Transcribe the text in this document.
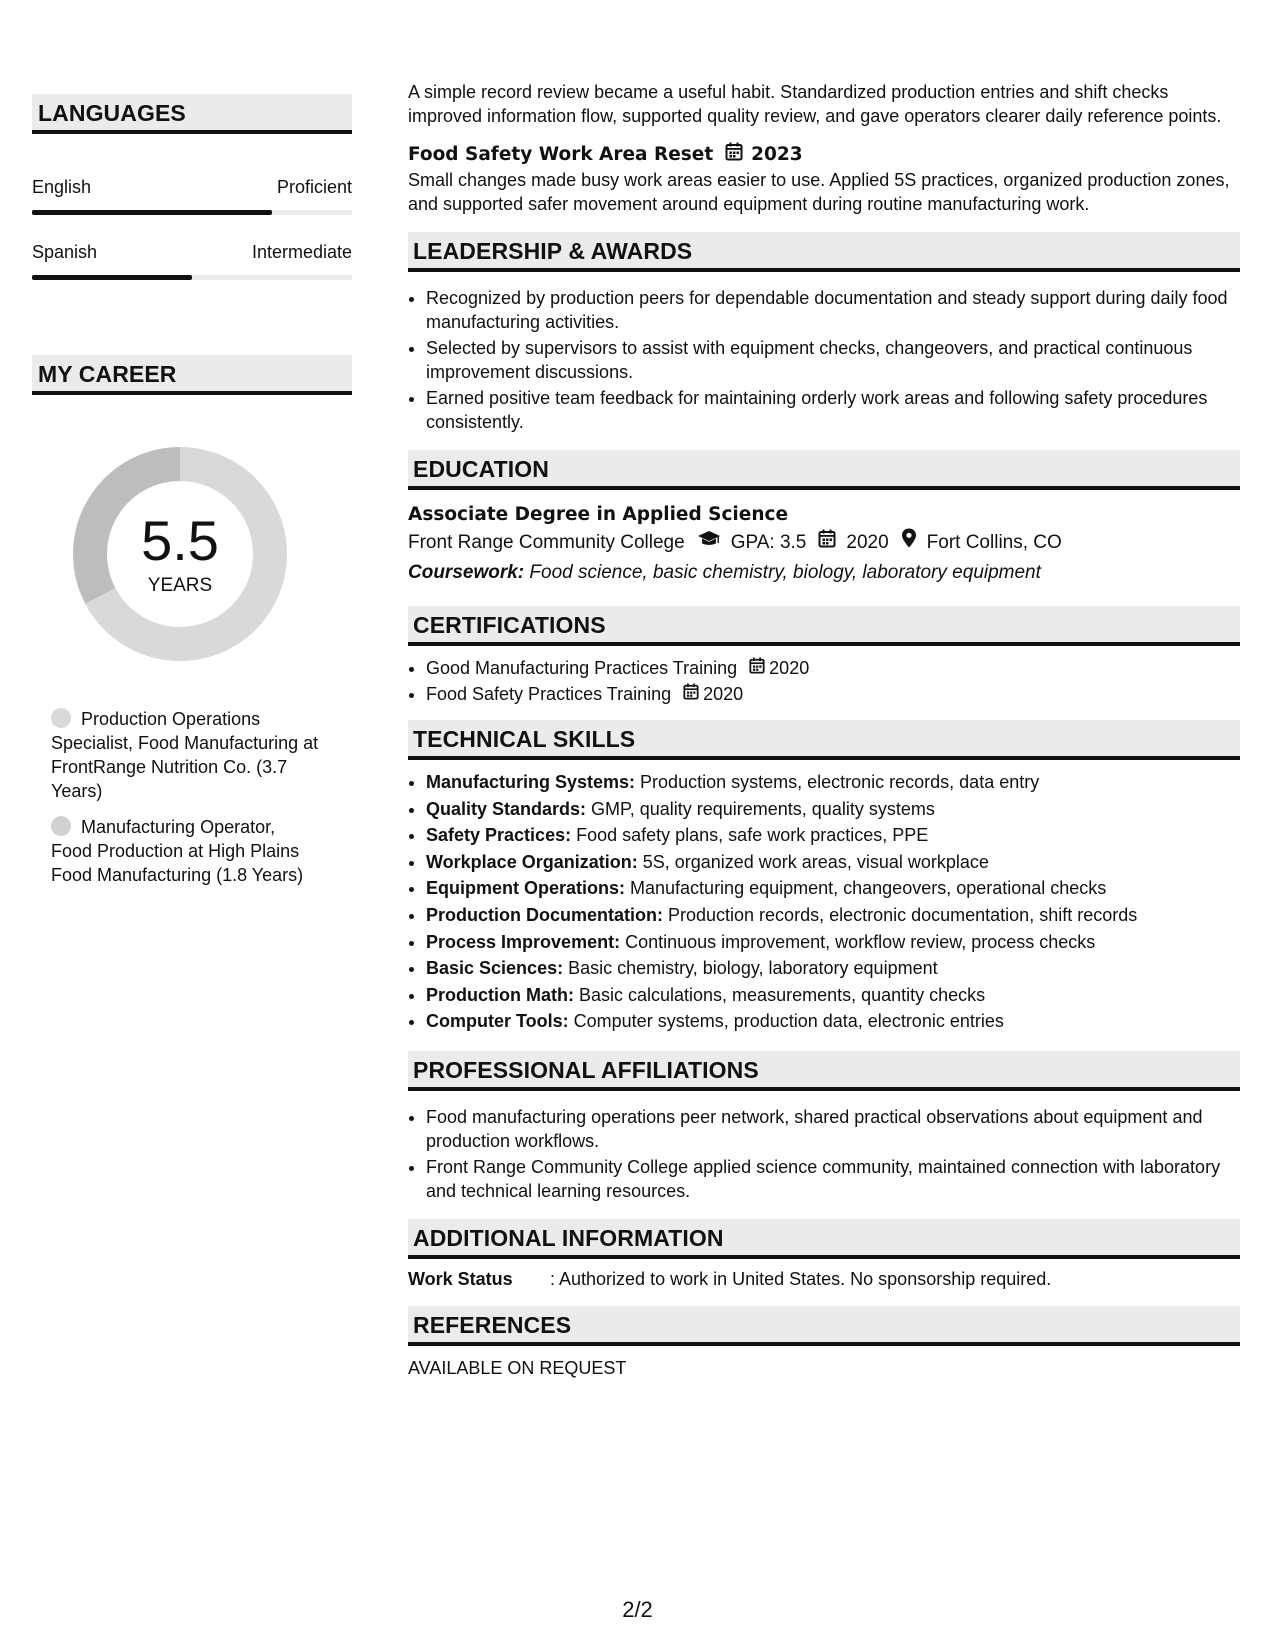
LANGUAGES
English	Proficient
Spanish	Intermediate
MY CAREER
5.5
YEARS
Production Operations Specialist, Food Manufacturing at FrontRange Nutrition Co. (3.7 Years)
Manufacturing Operator, Food Production at High Plains Food Manufacturing (1.8 Years)

A simple record review became a useful habit. Standardized production entries and shift checks improved information flow, supported quality review, and gave operators clearer daily reference points.

Food Safety Work Area Reset 2023

Small changes made busy work areas easier to use. Applied 5S practices, organized production zones, and supported safer movement around equipment during routine manufacturing work.

LEADERSHIP & AWARDS
• Recognized by production peers for dependable documentation and steady support during daily food manufacturing activities.
• Selected by supervisors to assist with equipment checks, changeovers, and practical continuous improvement discussions.
• Earned positive team feedback for maintaining orderly work areas and following safety procedures consistently.
EDUCATION
Associate Degree in Applied Science
Front Range Community College GPA: 3.5 2020 Fort Collins, CO
Coursework: Food science, basic chemistry, biology, laboratory equipment
CERTIFICATIONS
• Good Manufacturing Practices Training 2020
• Food Safety Practices Training 2020
TECHNICAL SKILLS
• Manufacturing Systems: Production systems, electronic records, data entry
• Quality Standards: GMP, quality requirements, quality systems
• Safety Practices: Food safety plans, safe work practices, PPE
• Workplace Organization: 5S, organized work areas, visual workplace
• Equipment Operations: Manufacturing equipment, changeovers, operational checks
• Production Documentation: Production records, electronic documentation, shift records
• Process Improvement: Continuous improvement, workflow review, process checks
• Basic Sciences: Basic chemistry, biology, laboratory equipment
• Production Math: Basic calculations, measurements, quantity checks
• Computer Tools: Computer systems, production data, electronic entries
PROFESSIONAL AFFILIATIONS
• Food manufacturing operations peer network, shared practical observations about equipment and production workflows.
• Front Range Community College applied science community, maintained connection with laboratory and technical learning resources.
ADDITIONAL INFORMATION
Work Status	: Authorized to work in United States. No sponsorship required.
REFERENCES
AVAILABLE ON REQUEST
2/2
